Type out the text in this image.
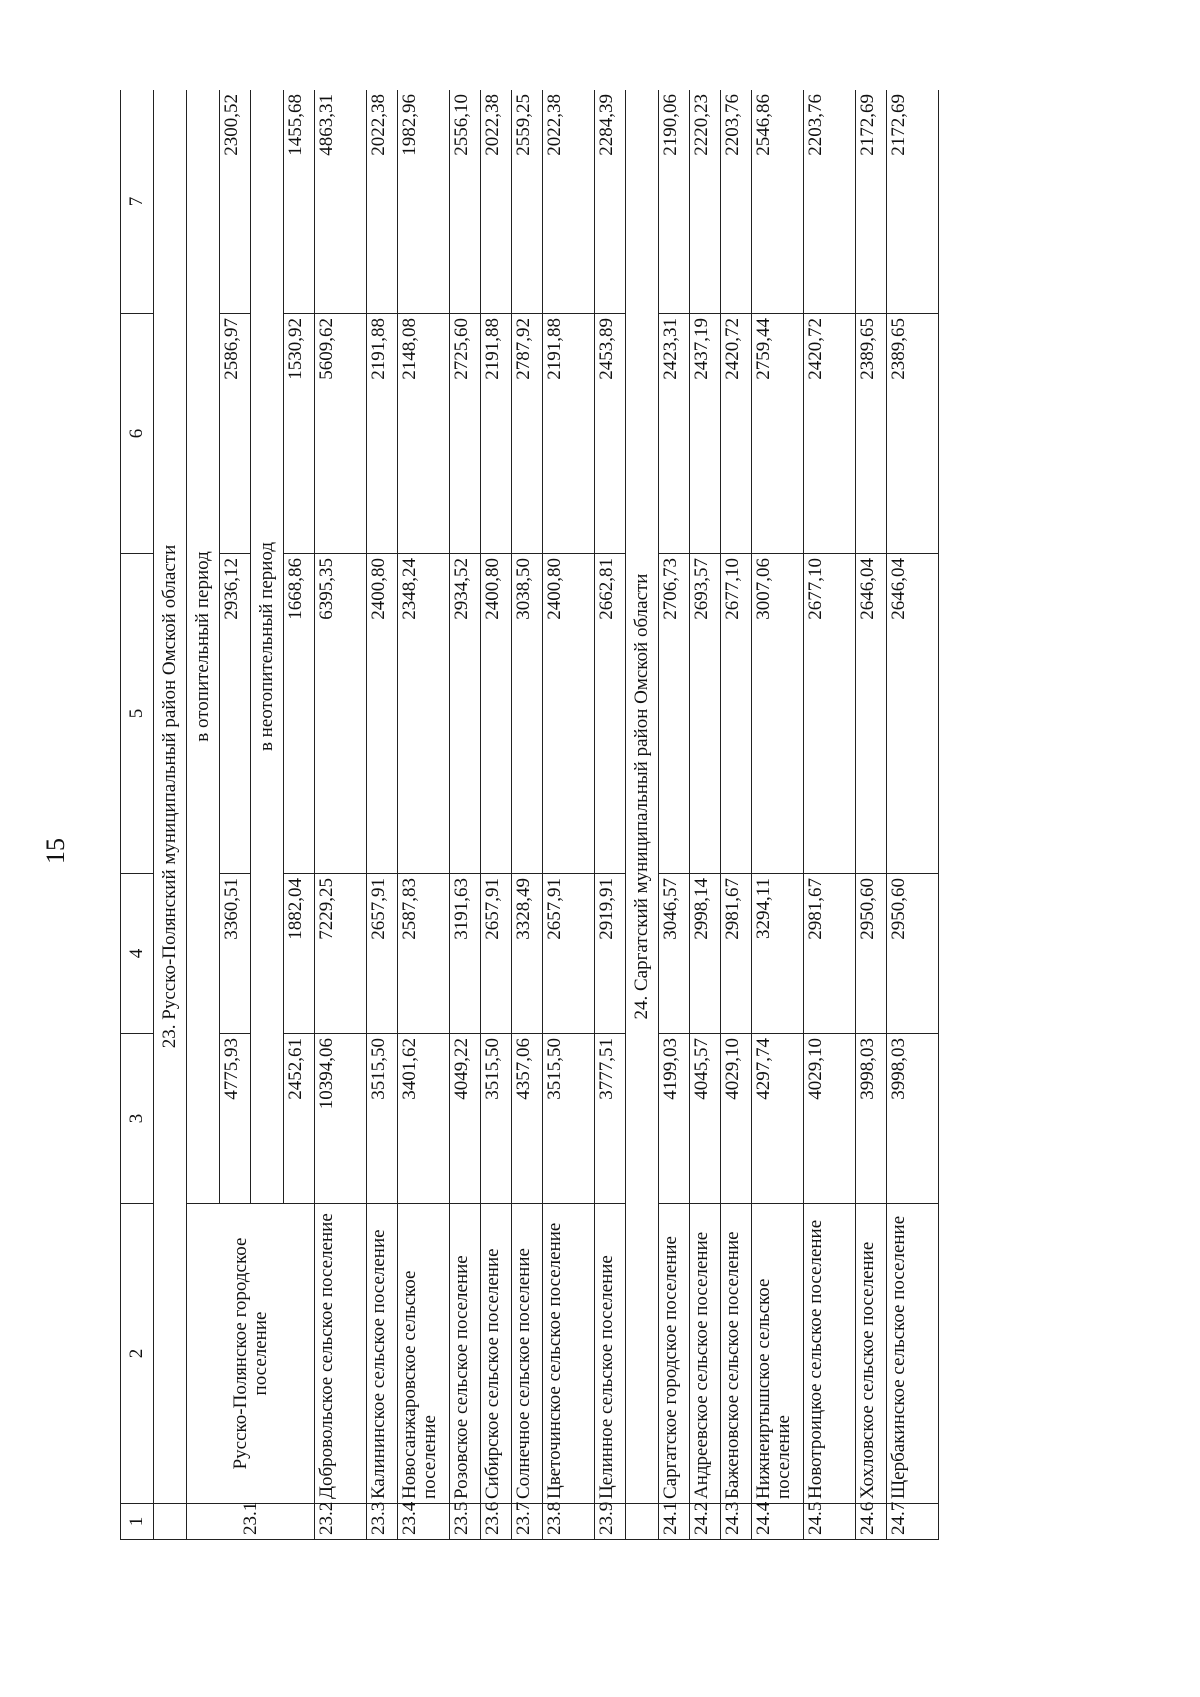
15
1	2	3	4	5	6	7
	23. Русско-Полянский муниципальный район Омской области					
23.1	Русско-Полянское городское поселение	в отопительный период				
		4775,93	3360,51	2936,12	2586,97	2300,52
		в неотопительный период				
		2452,61	1882,04	1668,86	1530,92	1455,68
23.2	Добровольское сельское поселение	10394,06	7229,25	6395,35	5609,62	4863,31
23.3	Калининское сельское поселение	3515,50	2657,91	2400,80	2191,88	2022,38
23.4	Новосанжаровское сельское поселение	3401,62	2587,83	2348,24	2148,08	1982,96
23.5	Розовское сельское поселение	4049,22	3191,63	2934,52	2725,60	2556,10
23.6	Сибирское сельское поселение	3515,50	2657,91	2400,80	2191,88	2022,38
23.7	Солнечное сельское поселение	4357,06	3328,49	3038,50	2787,92	2559,25
23.8	Цветочинское сельское поселение	3515,50	2657,91	2400,80	2191,88	2022,38
23.9	Целинное сельское поселение	3777,51	2919,91	2662,81	2453,89	2284,39
	24. Саргатский муниципальный район Омской области					
24.1	Саргатское городское поселение	4199,03	3046,57	2706,73	2423,31	2190,06
24.2	Андреевское сельское поселение	4045,57	2998,14	2693,57	2437,19	2220,23
24.3	Баженовское сельское поселение	4029,10	2981,67	2677,10	2420,72	2203,76
24.4	Нижнеиртышское сельское поселение	4297,74	3294,11	3007,06	2759,44	2546,86
24.5	Новотроицкое сельское поселение	4029,10	2981,67	2677,10	2420,72	2203,76
24.6	Хохловское сельское поселение	3998,03	2950,60	2646,04	2389,65	2172,69
24.7	Щербакинское сельское поселение	3998,03	2950,60	2646,04	2389,65	2172,69
